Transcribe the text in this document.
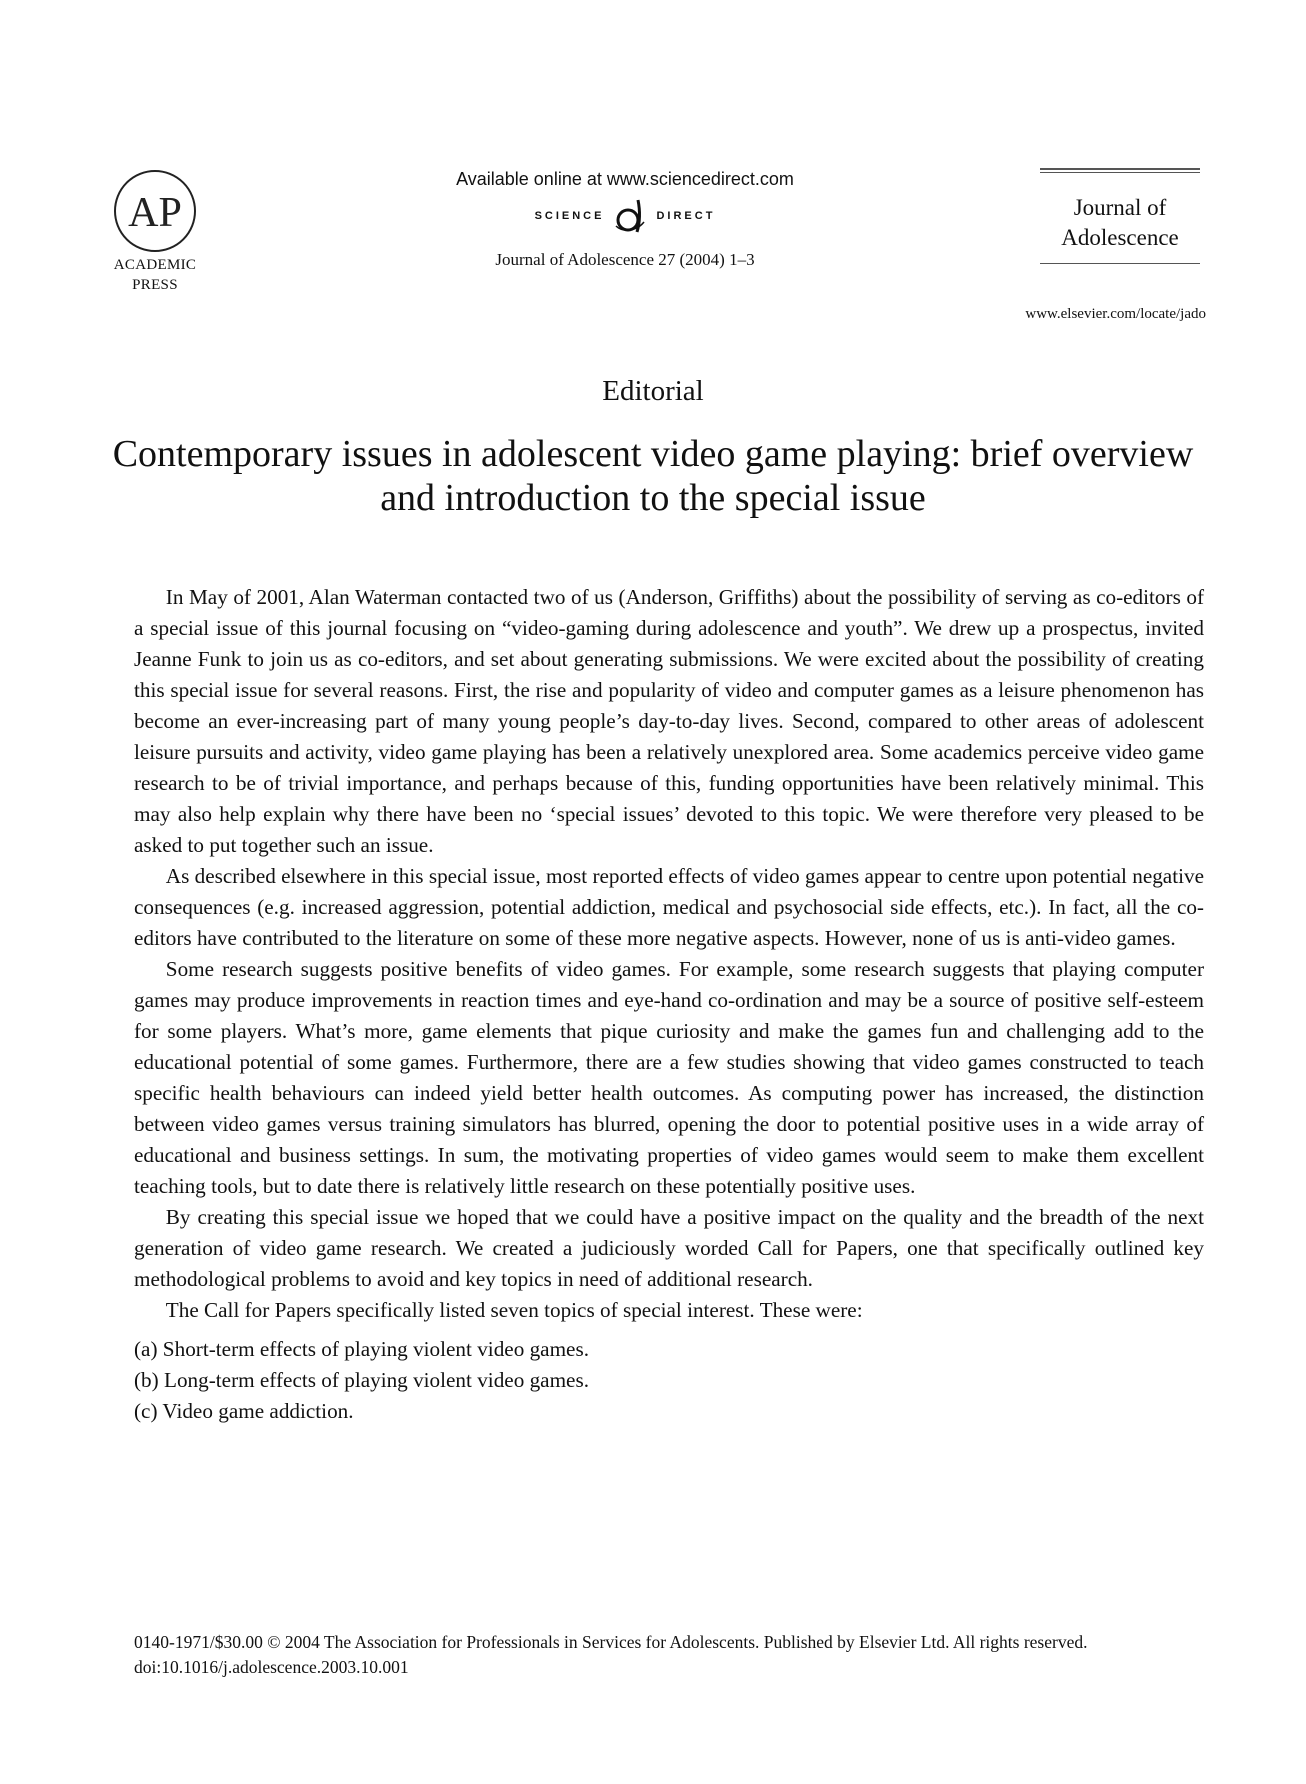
AP
ACADEMIC
PRESS
Available online at www.sciencedirect.com
SCIENCE	DIRECT
Journal of Adolescence 27 (2004) 1–3
Journal of
Adolescence
www.elsevier.com/locate/jado
Editorial
Contemporary issues in adolescent video game playing: brief overview and introduction to the special issue

  In May of 2001, Alan Waterman contacted two of us (Anderson, Griffiths) about the possibility of serving as co-editors of a special issue of this journal focusing on “video-gaming during adolescence and youth”. We drew up a prospectus, invited Jeanne Funk to join us as co-editors, and set about generating submissions. We were excited about the possibility of creating this special issue for several reasons. First, the rise and popularity of video and computer games as a leisure phenomenon has become an ever-increasing part of many young people’s day-to-day lives. Second, compared to other areas of adolescent leisure pursuits and activity, video game playing has been a relatively unexplored area. Some academics perceive video game research to be of trivial importance, and perhaps because of this, funding opportunities have been relatively minimal. This may also help explain why there have been no ‘special issues’ devoted to this topic. We were therefore very pleased to be asked to put together such an issue.

  As described elsewhere in this special issue, most reported effects of video games appear to centre upon potential negative consequences (e.g. increased aggression, potential addiction, medical and psychosocial side effects, etc.). In fact, all the co-editors have contributed to the literature on some of these more negative aspects. However, none of us is anti-video games.

  Some research suggests positive benefits of video games. For example, some research suggests that playing computer games may produce improvements in reaction times and eye-hand co-ordination and may be a source of positive self-esteem for some players. What’s more, game elements that pique curiosity and make the games fun and challenging add to the educational potential of some games. Furthermore, there are a few studies showing that video games constructed to teach specific health behaviours can indeed yield better health outcomes. As computing power has increased, the distinction between video games versus training simulators has blurred, opening the door to potential positive uses in a wide array of educational and business settings. In sum, the motivating properties of video games would seem to make them excellent teaching tools, but to date there is relatively little research on these potentially positive uses.

  By creating this special issue we hoped that we could have a positive impact on the quality and the breadth of the next generation of video game research. We created a judiciously worded Call for Papers, one that specifically outlined key methodological problems to avoid and key topics in need of additional research.

  The Call for Papers specifically listed seven topics of special interest. These were:

(a) Short-term effects of playing violent video games.
(b) Long-term effects of playing violent video games.
(c) Video game addiction.

0140-1971/$30.00 © 2004 The Association for Professionals in Services for Adolescents. Published by Elsevier Ltd. All rights reserved.

doi:10.1016/j.adolescence.2003.10.001
